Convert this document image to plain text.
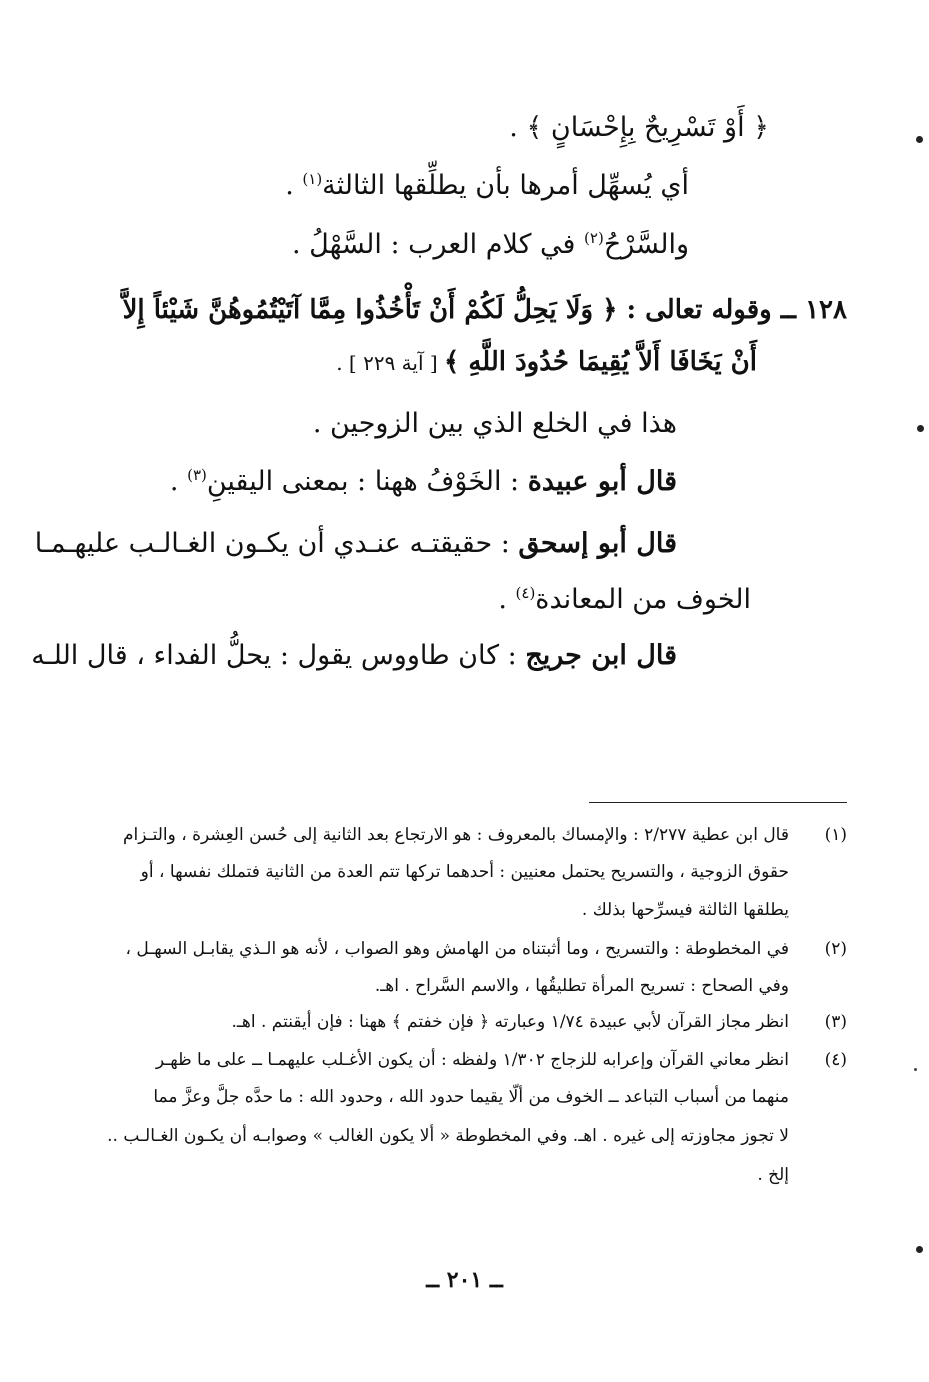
﴿ أَوْ تَسْرِيحٌ بِإِحْسَانٍ ﴾ .
أي يُسهِّل أمرها بأن يطلِّقها الثالثة$^{(١)}$ .
والسَّرْحُ$^{(٢)}$ في كلام العرب : السَّهْلُ .
١٢٨ ــ وقوله تعالى : ﴿ وَلَا يَحِلُّ لَكُمْ أَنْ تَأْخُذُوا مِمَّا آتَيْتُمُوهُنَّ شَيْئاً إِلاَّ
أَنْ يَخَافَا أَلاَّ يُقِيمَا حُدُودَ اللَّهِ ﴾ [ آية ٢٢٩ ] .
هذا في الخلع الذي بين الزوجين .
قال أبو عبيدة : الخَوْفُ ههنا : بمعنى اليقينِ$^{(٣)}$ .
قال أبو إسحق : حقيقتـه عنـدي أن يكـون الغـالـب عليهـمـا
الخوف من المعاندة$^{(٤)}$ .
قال ابن جريج : كان طاووس يقول : يحلُّ الفداء ، قال اللـه
(١)
قال ابن عطية ٢/٢٧٧ : والإمساك بالمعروف : هو الارتجاع بعد الثانية إلى حُسن العِشرة ، والتـزام
حقوق الزوجية ، والتسريح يحتمل معنيين : أحدهما تركها تتم العدة من الثانية فتملك نفسها ، أو
يطلقها الثالثة فيسرِّحها بذلك .
(٢)
في المخطوطة : والتسريح ، وما أثبتناه من الهامش وهو الصواب ، لأنه هو الـذي يقابـل السهـل ،
وفي الصحاح : تسريح المرأة تطليقُها ، والاسم السَّراح . اهـ.
(٣)
انظر مجاز القرآن لأبي عبيدة ١/٧٤ وعبارته ﴿ فإن خفتم ﴾ ههنا : فإن أيقنتم . اهـ.
(٤)
انظر معاني القرآن وإعرابه للزجاج ١/٣٠٢ ولفظه : أن يكون الأغـلب عليهمـا ــ على ما ظهـر
منهما من أسباب التباعد ــ الخوف من ألّا يقيما حدود الله ، وحدود الله : ما حدَّه جلَّ وعزَّ مما
لا تجوز مجاوزته إلى غيره . اهـ. وفي المخطوطة « ألا يكون الغالب » وصوابـه أن يكـون الغـالـب ..
إلخ .
ــ ٢٠١ ــ
